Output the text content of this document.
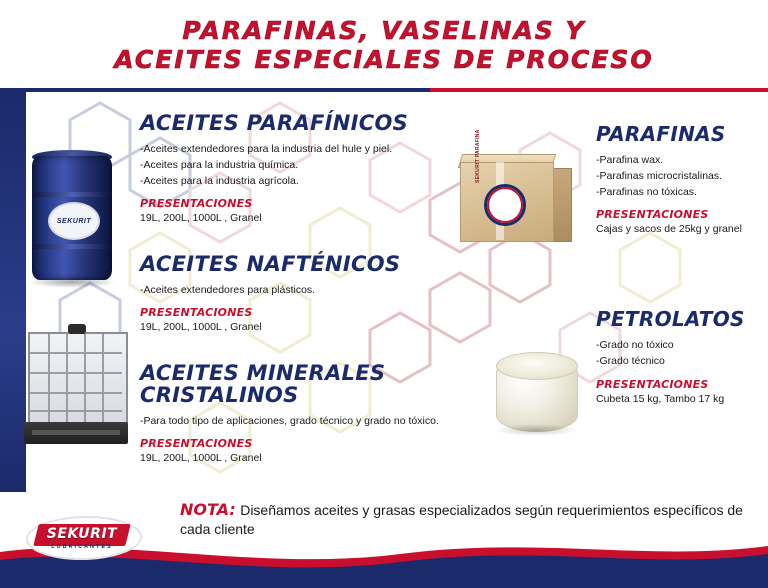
PARAFINAS, VASELINAS Y
ACEITES ESPECIALES DE PROCESO
SEKURIT
SEKURIT PARAFINA
ACEITES PARAFÍNICOS
-Aceites extendedores para la industria del hule y piel.
-Aceites para la industria química.
-Aceites para la industria agrícola.
PRESENTACIONES
19L, 200L, 1000L , Granel
ACEITES NAFTÉNICOS
-Aceites extendedores para plásticos.
PRESENTACIONES
19L, 200L, 1000L , Granel
ACEITES MINERALES CRISTALINOS
-Para todo tipo de aplicaciones, grado técnico y grado no tóxico.
PRESENTACIONES
19L, 200L, 1000L , Granel
PARAFINAS
-Parafina wax.
-Parafinas microcristalinas.
-Parafinas no tóxicas.
PRESENTACIONES
Cajas y sacos de 25kg y granel
PETROLATOS
-Grado no tóxico
-Grado técnico
PRESENTACIONES
Cubeta 15 kg, Tambo 17 kg
NOTA: Diseñamos aceites y grasas especializados según requerimientos específicos de cada cliente
SEKURIT
LUBRICANTES
